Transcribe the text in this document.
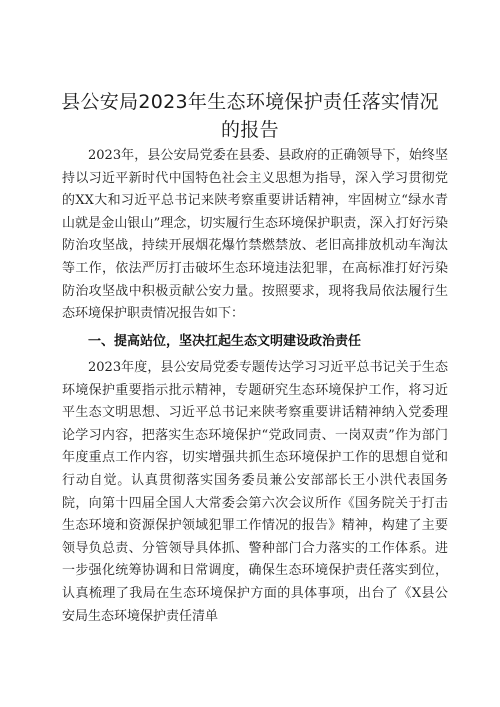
县公安局2023年生态环境保护责任落实情况
的报告

2023年，县公安局党委在县委、县政府的正确领导下，始终坚持以习近平新时代中国特色社会主义思想为指导，深入学习贯彻党的XX大和习近平总书记来陕考察重要讲话精神，牢固树立“绿水青山就是金山银山”理念，切实履行生态环境保护职责，深入打好污染防治攻坚战，持续开展烟花爆竹禁燃禁放、老旧高排放机动车淘汰等工作，依法严厉打击破坏生态环境违法犯罪，在高标准打好污染防治攻坚战中积极贡献公安力量。按照要求，现将我局依法履行生态环境保护职责情况报告如下：

一、提高站位，坚决扛起生态文明建设政治责任

2023年度，县公安局党委专题传达学习习近平总书记关于生态环境保护重要指示批示精神，专题研究生态环境保护工作，将习近平生态文明思想、习近平总书记来陕考察重要讲话精神纳入党委理论学习内容，把落实生态环境保护“党政同责、一岗双责”作为部门年度重点工作内容，切实增强共抓生态环境保护工作的思想自觉和行动自觉。认真贯彻落实国务委员兼公安部部长王小洪代表国务院，向第十四届全国人大常委会第六次会议所作《国务院关于打击生态环境和资源保护领域犯罪工作情况的报告》精神，构建了主要领导负总责、分管领导具体抓、警种部门合力落实的工作体系。进一步强化统筹协调和日常调度，确保生态环境保护责任落实到位，认真梳理了我局在生态环境保护方面的具体事项，出台了《X县公安局生态环境保护责任清单
